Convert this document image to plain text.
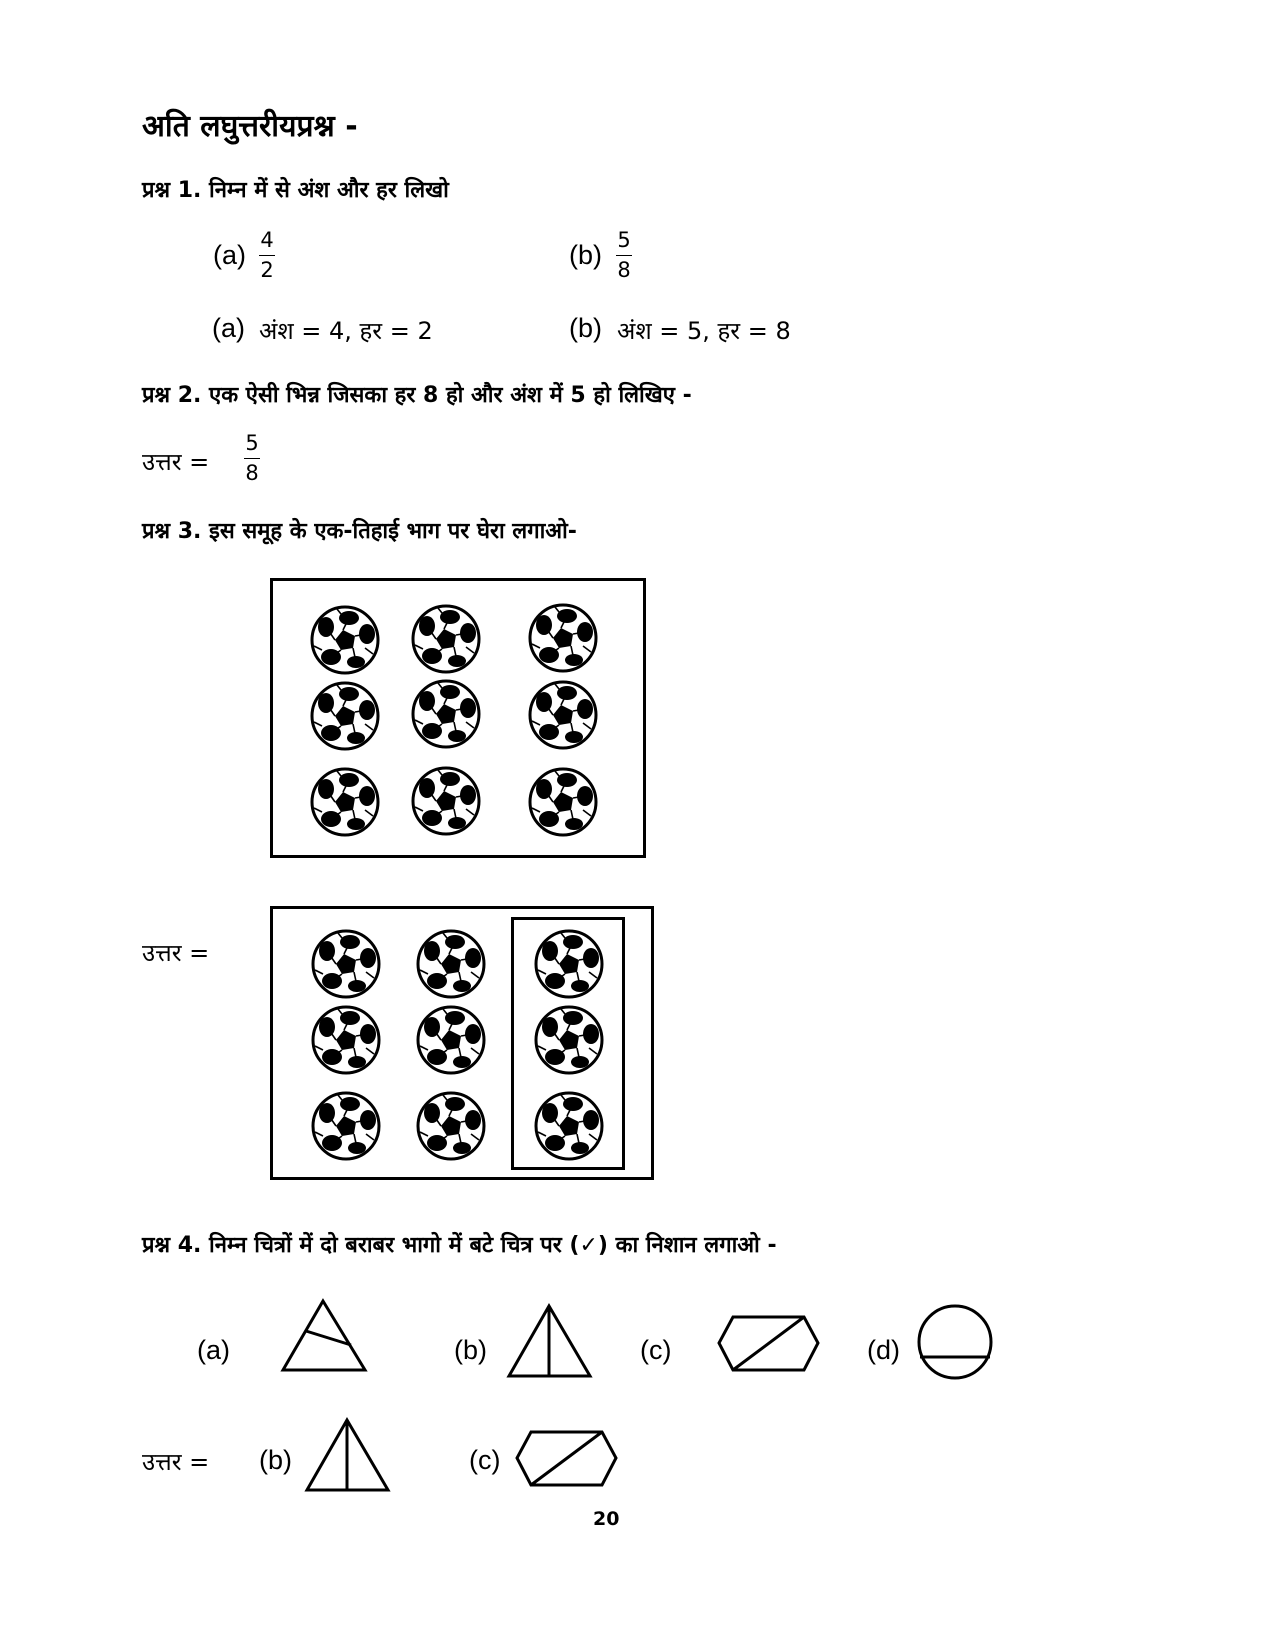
अति लघुत्तरीयप्रश्न -
प्रश्न 1. निम्न में से अंश और हर लिखो
(a) 4
2	(b) 5
8
(a) अंश = 4, हर = 2	(b) अंश = 5, हर = 8
प्रश्न 2. एक ऐसी भिन्न जिसका हर 8 हो और अंश में 5 हो लिखिए -
उत्तर =
5
8
प्रश्न 3. इस समूह के एक-तिहाई भाग पर घेरा लगाओ-
उत्तर =
प्रश्न 4. निम्न चित्रों में दो बराबर भागो में बटे चित्र पर (✓) का निशान लगाओ -
(a)	(b)	(c)	(d)
उत्तर = (b)	(c)
20
